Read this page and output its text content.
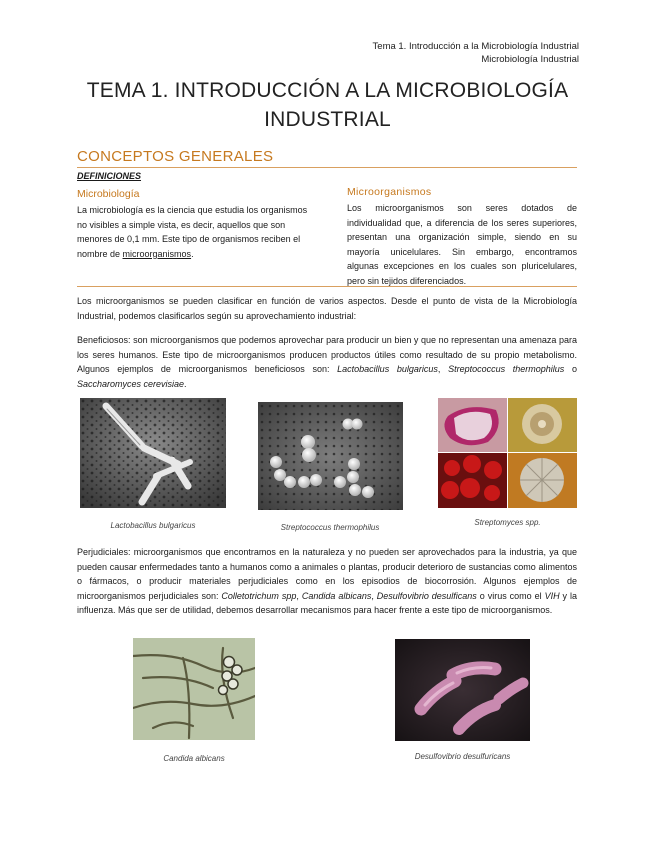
Tema 1. Introducción a la Microbiología Industrial
Microbiología Industrial
TEMA 1. INTRODUCCIÓN A LA MICROBIOLOGÍA
INDUSTRIAL
CONCEPTOS GENERALES
DEFINICIONES
Microbiología
La microbiología es la ciencia que estudia los organismos no visibles a simple vista, es decir, aquellos que son menores de 0,1 mm. Este tipo de organismos reciben el nombre de microorganismos.
Microorganismos
Los microorganismos son seres dotados de individualidad que, a diferencia de los seres superiores, presentan una organización simple, siendo en su mayoría unicelulares. Sin embargo, encontramos algunas excepciones en los cuales son pluricelulares, pero sin tejidos diferenciados.
Los microorganismos se pueden clasificar en función de varios aspectos. Desde el punto de vista de la Microbiología Industrial, podemos clasificarlos según su aprovechamiento industrial:
Beneficiosos: son microorganismos que podemos aprovechar para producir un bien y que no representan una amenaza para los seres humanos. Este tipo de microorganismos producen productos útiles como resultado de su propio metabolismo. Algunos ejemplos de microorganismos beneficiosos son: Lactobacillus bulgaricus, Streptococcus thermophilus o Saccharomyces cerevisiae.
Lactobacillus bulgaricus	Streptococcus thermophilus
Streptomyces spp.
Perjudiciales: microorganismos que encontramos en la naturaleza y no pueden ser aprovechados para la industria, ya que pueden causar enfermedades tanto a humanos como a animales o plantas, producir deterioro de sustancias como alimentos o fármacos, o producir materiales perjudiciales como en los episodios de biocorrosión. Algunos ejemplos de microorganismos perjudiciales son: Colletotrichum spp, Candida albicans, Desulfovibrio desulficans o virus como el VIH y la influenza. Más que ser de utilidad, debemos desarrollar mecanismos para hacer frente a este tipo de microorganismos.
Candida albicans	Desulfovibrio desulfuricans
